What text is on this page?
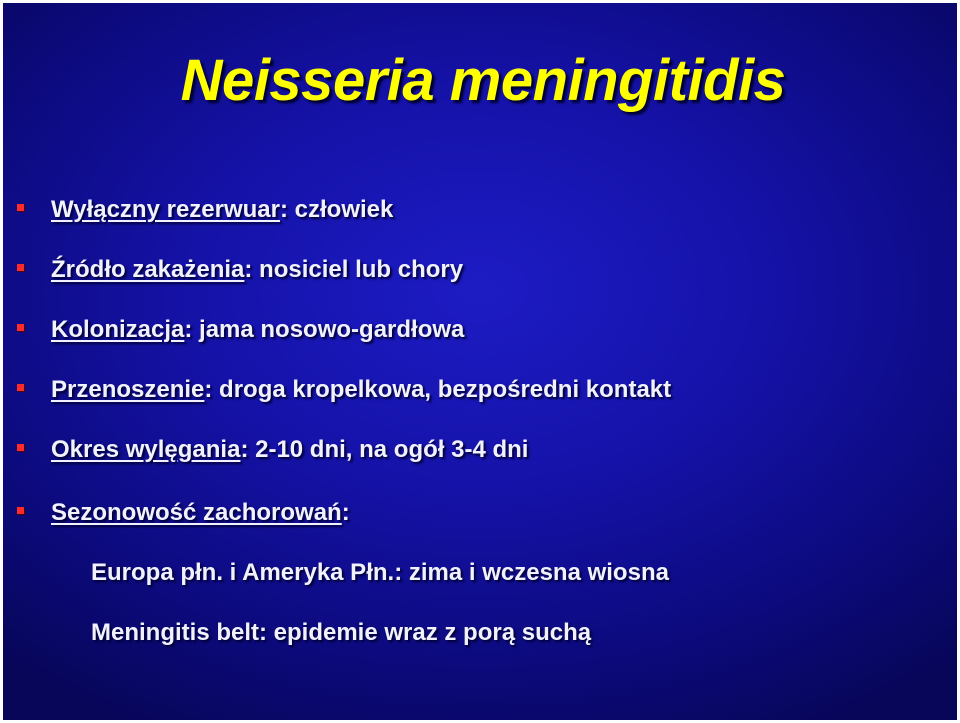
Neisseria meningitidis
Wyłączny rezerwuar: człowiek
Źródło zakażenia: nosiciel lub chory
Kolonizacja: jama nosowo-gardłowa
Przenoszenie: droga kropelkowa, bezpośredni kontakt
Okres wylęgania: 2-10 dni, na ogół 3-4 dni
Sezonowość zachorowań:
Europa płn. i Ameryka Płn.: zima i wczesna wiosna
Meningitis belt: epidemie wraz z porą suchą
